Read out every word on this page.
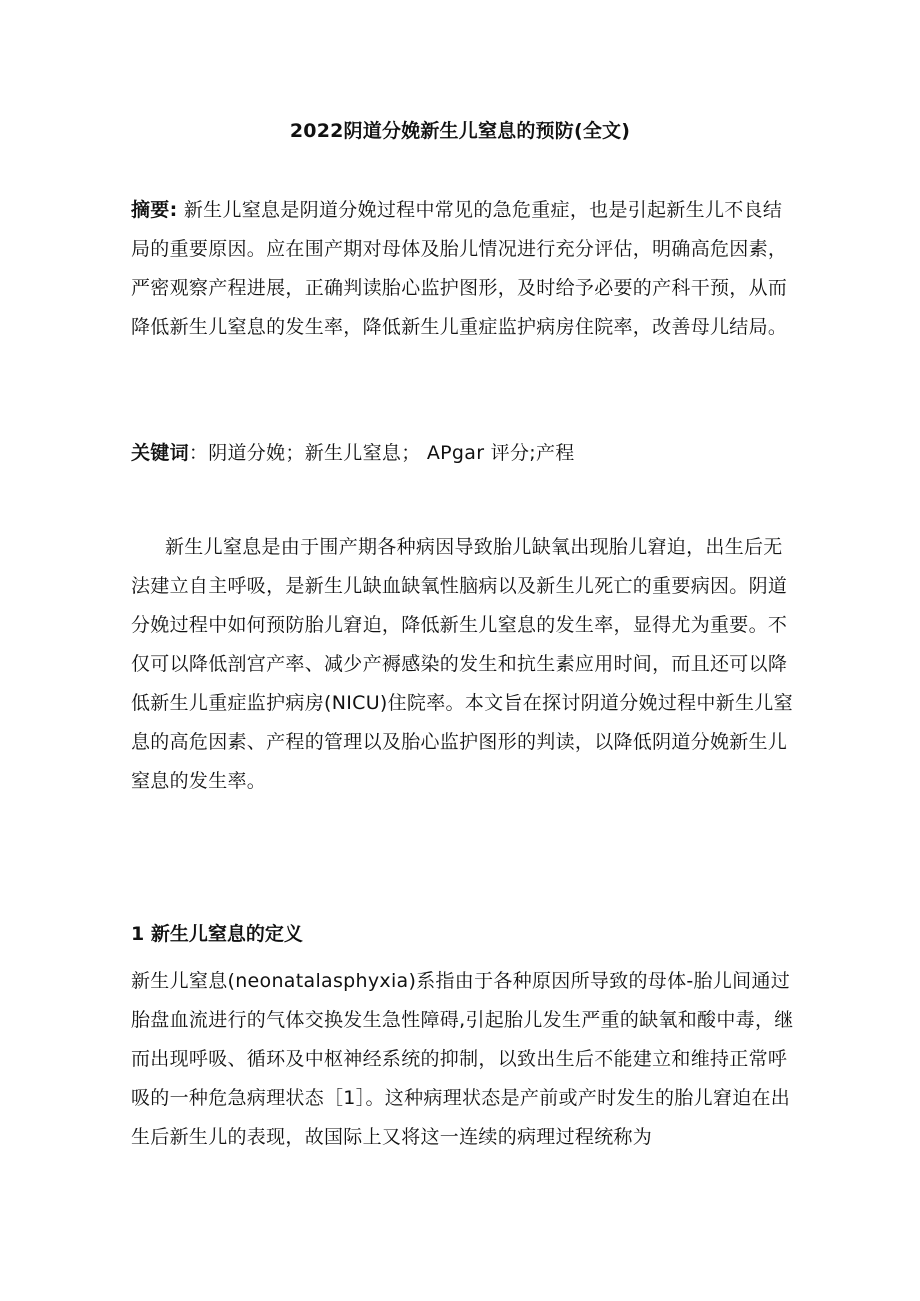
2022阴道分娩新生儿窒息的预防(全文)
摘要: 新生儿窒息是阴道分娩过程中常见的急危重症，也是引起新生儿不良结局的重要原因。应在围产期对母体及胎儿情况进行充分评估，明确高危因素，严密观察产程进展，正确判读胎心监护图形，及时给予必要的产科干预，从而降低新生儿窒息的发生率，降低新生儿重症监护病房住院率，改善母儿结局。
关键词：阴道分娩；新生儿窒息； APgar 评分;产程

新生儿窒息是由于围产期各种病因导致胎儿缺氧出现胎儿窘迫，出生后无法建立自主呼吸，是新生儿缺血缺氧性脑病以及新生儿死亡的重要病因。阴道分娩过程中如何预防胎儿窘迫，降低新生儿窒息的发生率，显得尤为重要。不仅可以降低剖宫产率、减少产褥感染的发生和抗生素应用时间，而且还可以降低新生儿重症监护病房(NICU)住院率。本文旨在探讨阴道分娩过程中新生儿窒息的高危因素、产程的管理以及胎心监护图形的判读，以降低阴道分娩新生儿窒息的发生率。

1 新生儿窒息的定义

新生儿窒息(neonatalasphyxia)系指由于各种原因所导致的母体-胎儿间通过胎盘血流进行的气体交换发生急性障碍,引起胎儿发生严重的缺氧和酸中毒，继而出现呼吸、循环及中枢神经系统的抑制，以致出生后不能建立和维持正常呼吸的一种危急病理状态［1］。这种病理状态是产前或产时发生的胎儿窘迫在出生后新生儿的表现，故国际上又将这一连续的病理过程统称为
